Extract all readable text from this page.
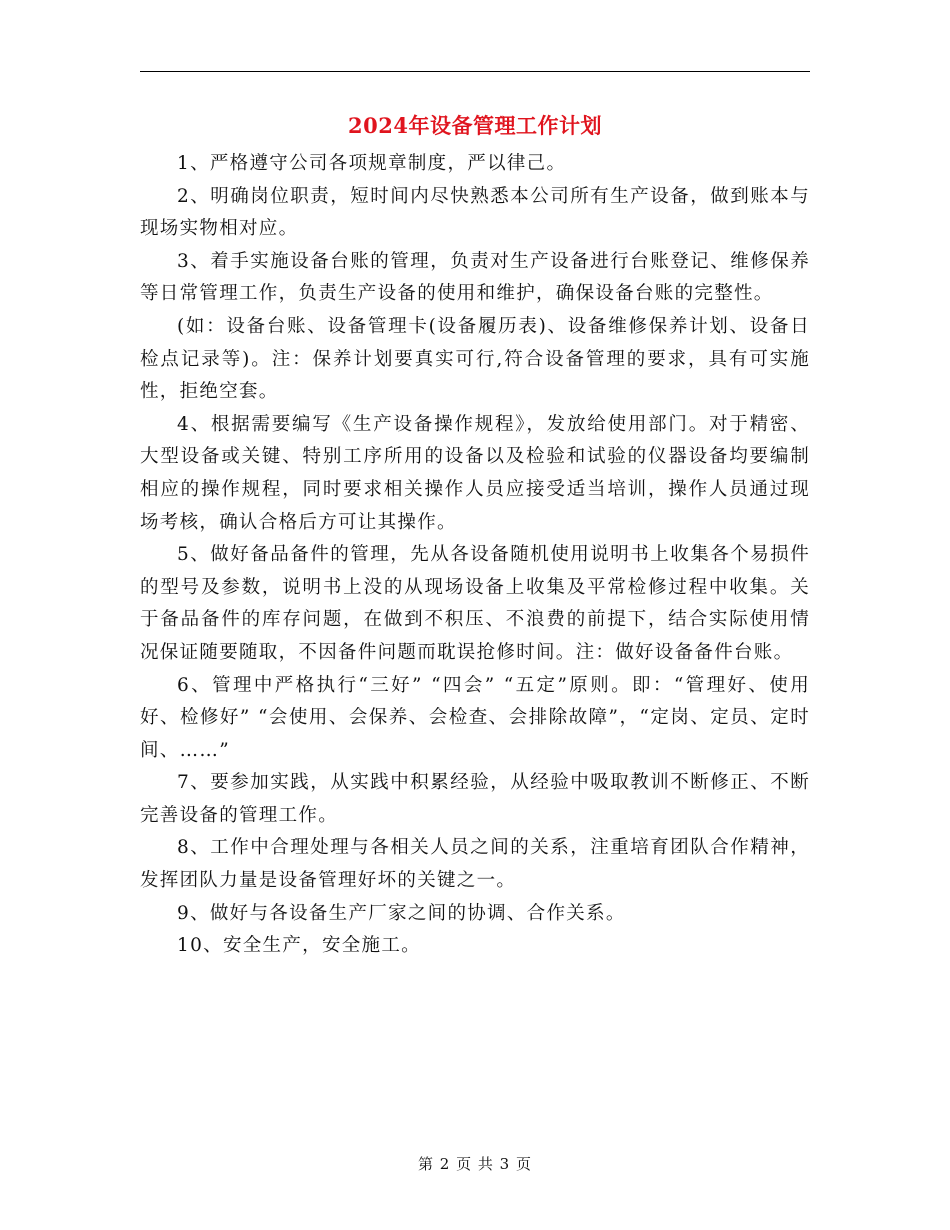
2024年设备管理工作计划

1、严格遵守公司各项规章制度，严以律己。

2、明确岗位职责，短时间内尽快熟悉本公司所有生产设备，做到账本与现场实物相对应。

3、着手实施设备台账的管理，负责对生产设备进行台账登记、维修保养等日常管理工作，负责生产设备的使用和维护，确保设备台账的完整性。

(如：设备台账、设备管理卡(设备履历表)、设备维修保养计划、设备日检点记录等)。注：保养计划要真实可行,符合设备管理的要求，具有可实施性，拒绝空套。

4、根据需要编写《生产设备操作规程》，发放给使用部门。对于精密、大型设备或关键、特别工序所用的设备以及检验和试验的仪器设备均要编制相应的操作规程，同时要求相关操作人员应接受适当培训，操作人员通过现场考核，确认合格后方可让其操作。

5、做好备品备件的管理，先从各设备随机使用说明书上收集各个易损件的型号及参数，说明书上没的从现场设备上收集及平常检修过程中收集。关于备品备件的库存问题，在做到不积压、不浪费的前提下，结合实际使用情况保证随要随取，不因备件问题而耽误抢修时间。注：做好设备备件台账。

6、管理中严格执行“三好” “四会” “五定”原则。即：“管理好、使用好、检修好” “会使用、会保养、会检查、会排除故障”，“定岗、定员、定时间、……”

7、要参加实践，从实践中积累经验，从经验中吸取教训不断修正、不断完善设备的管理工作。

8、工作中合理处理与各相关人员之间的关系，注重培育团队合作精神，发挥团队力量是设备管理好坏的关键之一。

9、做好与各设备生产厂家之间的协调、合作关系。

10、安全生产，安全施工。

第 2 页 共 3 页
